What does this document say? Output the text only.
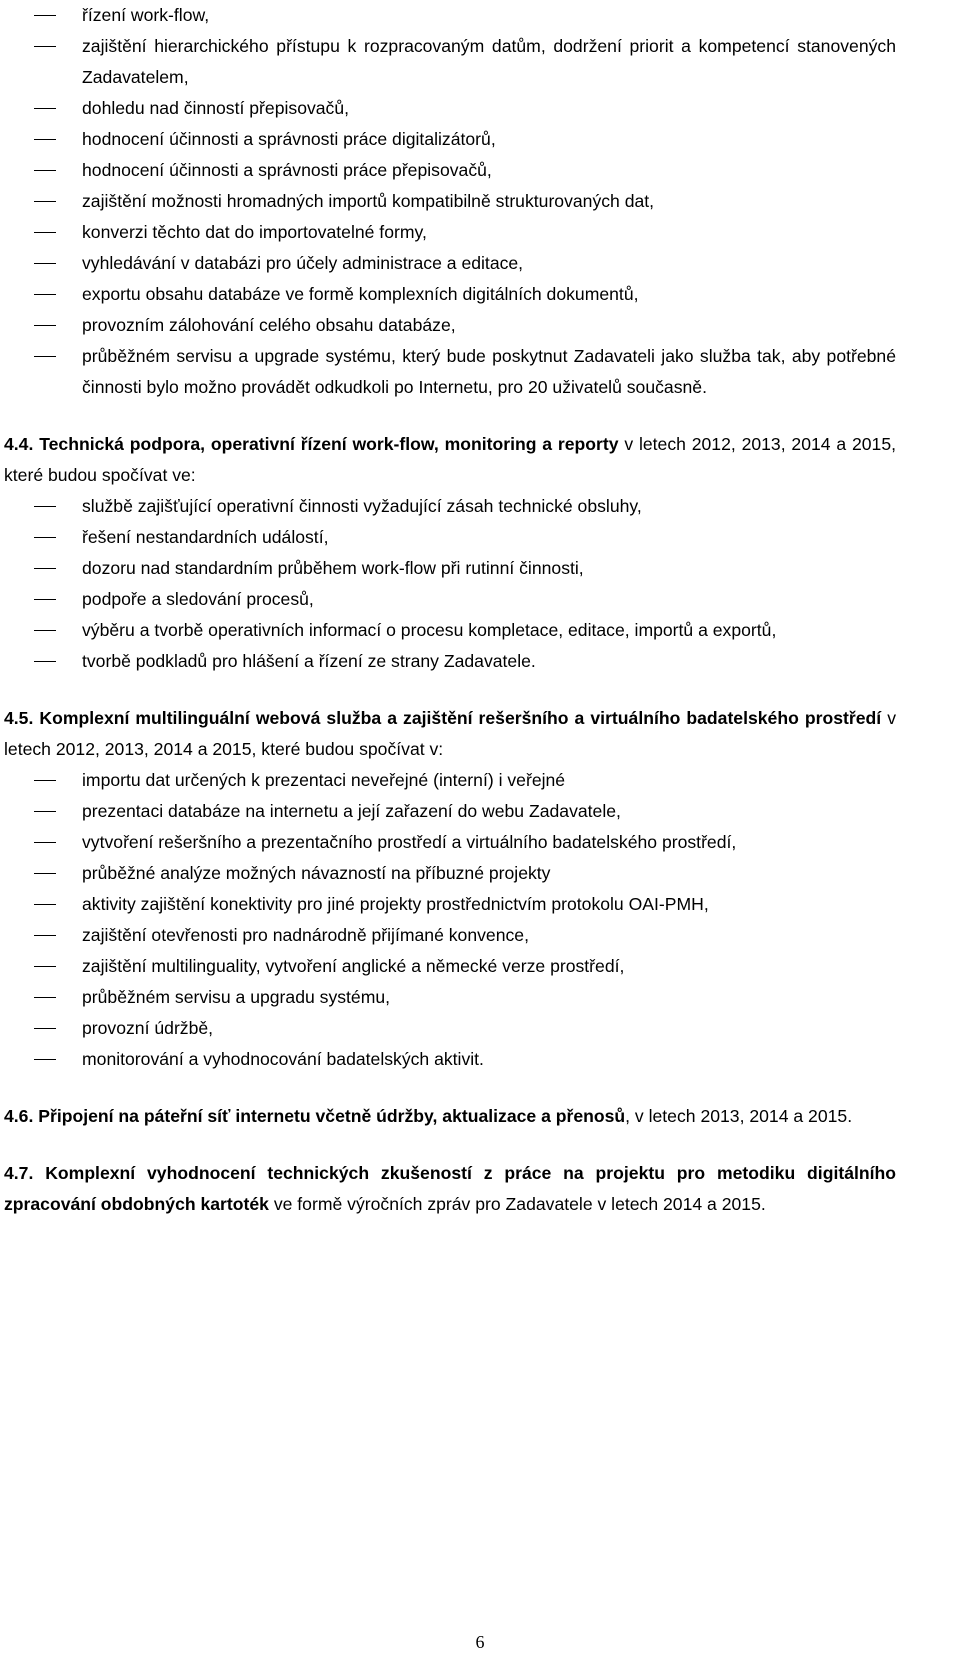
řízení work-flow,
zajištění hierarchického přístupu k rozpracovaným datům, dodržení priorit a kompetencí stanovených Zadavatelem,
dohledu nad činností přepisovačů,
hodnocení účinnosti a správnosti práce digitalizátorů,
hodnocení účinnosti a správnosti práce přepisovačů,
zajištění možnosti hromadných importů kompatibilně strukturovaných dat,
konverzi těchto dat do importovatelné formy,
vyhledávání v databázi pro účely administrace a editace,
exportu obsahu databáze ve formě komplexních digitálních dokumentů,
provozním zálohování celého obsahu databáze,
průběžném servisu a upgrade systému, který bude poskytnut Zadavateli jako služba tak, aby potřebné činnosti bylo možno provádět odkudkoli po Internetu, pro 20 uživatelů současně.

4.4. Technická podpora, operativní řízení work-flow, monitoring a reporty v letech 2012, 2013, 2014 a 2015, které budou spočívat ve:

službě zajišťující operativní činnosti vyžadující zásah technické obsluhy,
řešení nestandardních událostí,
dozoru nad standardním průběhem work-flow při rutinní činnosti,
podpoře a sledování procesů,
výběru a tvorbě operativních informací o procesu kompletace, editace, importů a exportů,
tvorbě podkladů pro hlášení a řízení ze strany Zadavatele.

4.5. Komplexní multilinguální webová služba a zajištění rešeršního a virtuálního badatelského prostředí v letech 2012, 2013, 2014 a 2015, které budou spočívat v:

importu dat určených k prezentaci neveřejné (interní) i veřejné
prezentaci databáze na internetu a její zařazení do webu Zadavatele,
vytvoření rešeršního a prezentačního prostředí a virtuálního badatelského prostředí,
průběžné analýze možných návazností na příbuzné projekty
aktivity zajištění konektivity pro jiné projekty prostřednictvím protokolu OAI-PMH,
zajištění otevřenosti pro nadnárodně přijímané konvence,
zajištění multilinguality, vytvoření anglické a německé verze prostředí,
průběžném servisu a upgradu systému,
provozní údržbě,
monitorování a vyhodnocování badatelských aktivit.

4.6. Připojení na páteřní síť internetu včetně údržby, aktualizace a přenosů, v letech 2013, 2014 a 2015.

4.7. Komplexní vyhodnocení technických zkušeností z práce na projektu pro metodiku digitálního zpracování obdobných kartoték ve formě výročních zpráv pro Zadavatele v letech 2014 a 2015.

6
